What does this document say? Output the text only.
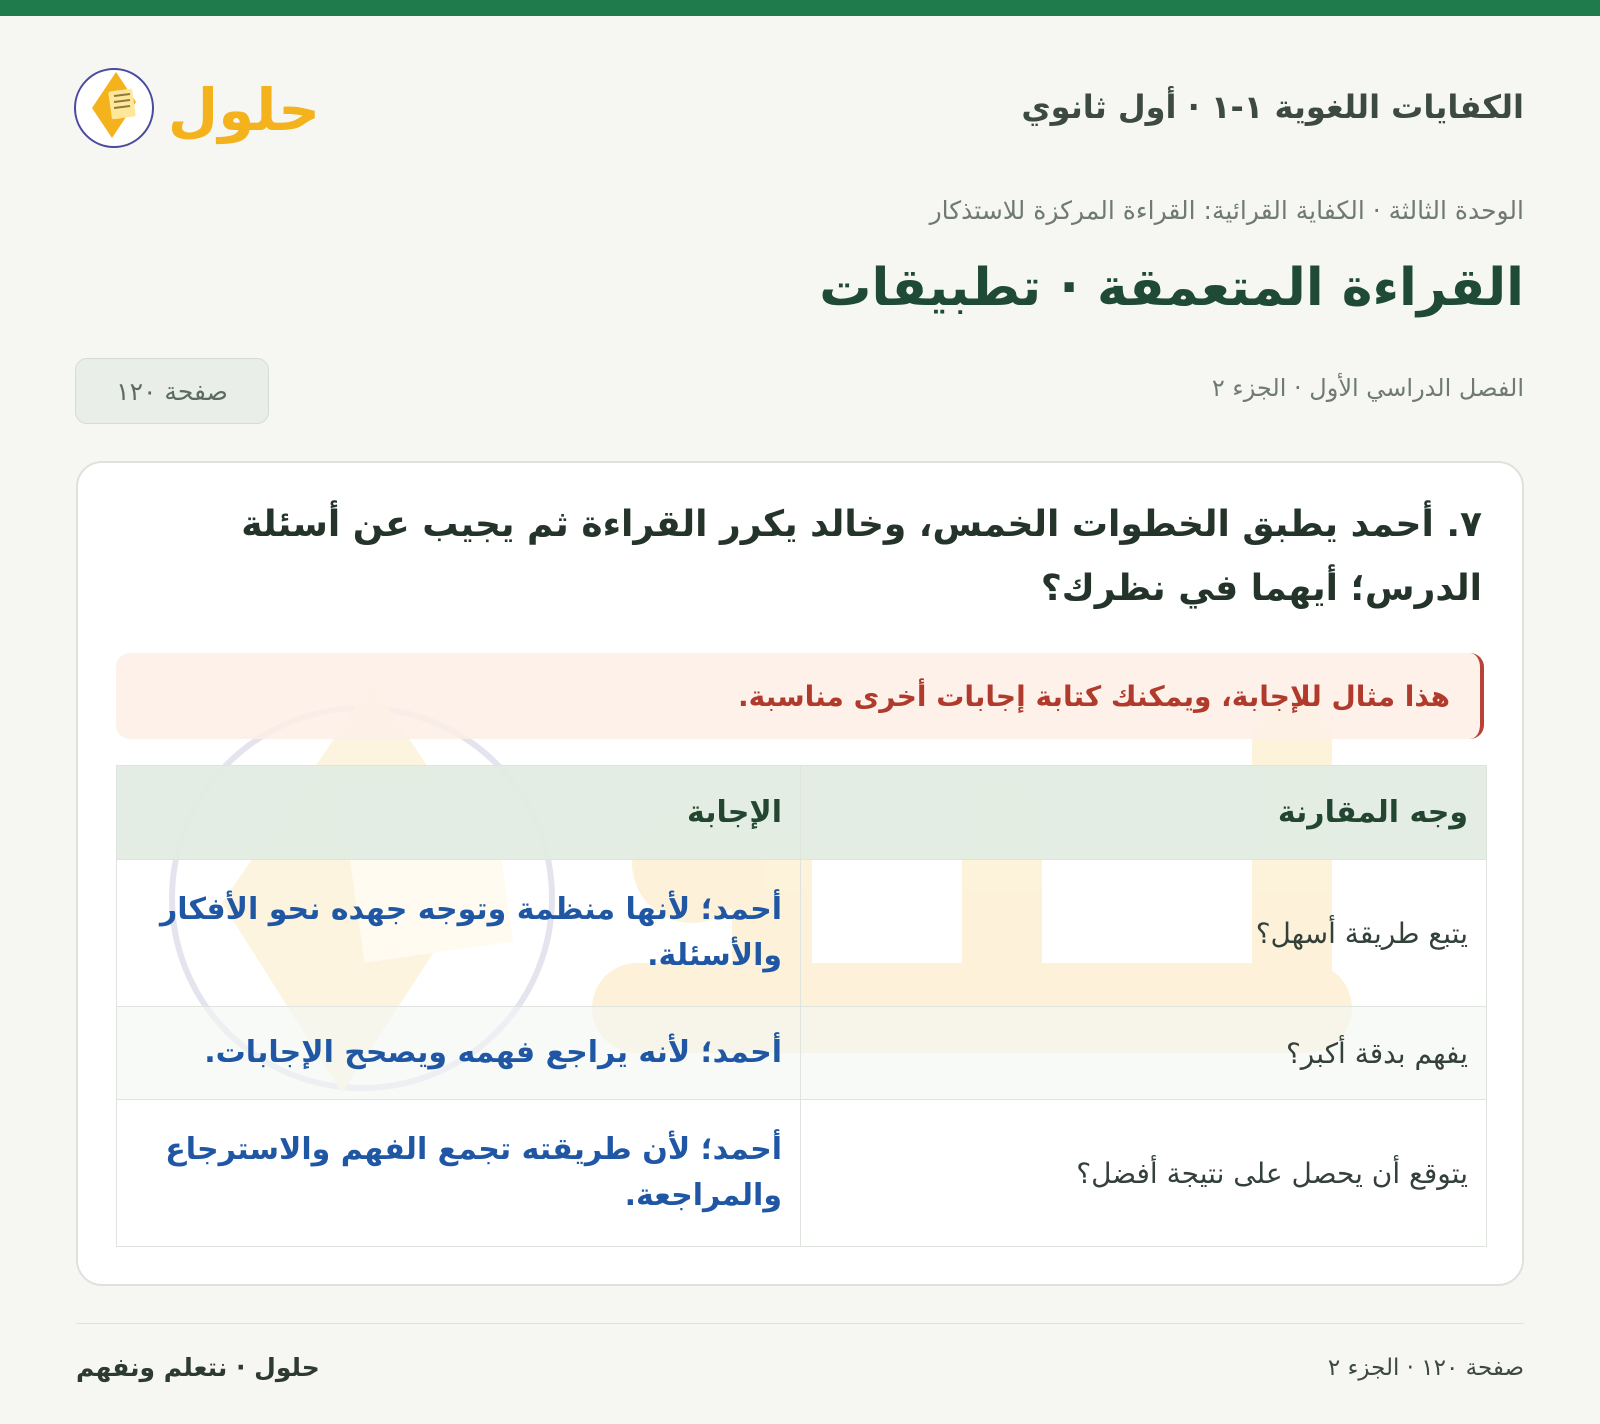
الكفايات اللغوية ١-١ · أول ثانوي
حلول
الوحدة الثالثة · الكفاية القرائية: القراءة المركزة للاستذكار
القراءة المتعمقة · تطبيقات
الفصل الدراسي الأول · الجزء ٢
صفحة ١٢٠
٧. أحمد يطبق الخطوات الخمس، وخالد يكرر القراءة ثم يجيب عن أسئلة الدرس؛ أيهما في نظرك؟
هذا مثال للإجابة، ويمكنك كتابة إجابات أخرى مناسبة.
وجه المقارنة	الإجابة
يتبع طريقة أسهل؟	أحمد؛ لأنها منظمة وتوجه جهده نحو الأفكار والأسئلة.
يفهم بدقة أكبر؟	أحمد؛ لأنه يراجع فهمه ويصحح الإجابات.
يتوقع أن يحصل على نتيجة أفضل؟	أحمد؛ لأن طريقته تجمع الفهم والاسترجاع والمراجعة.
صفحة ١٢٠ · الجزء ٢
حلول · نتعلم ونفهم
